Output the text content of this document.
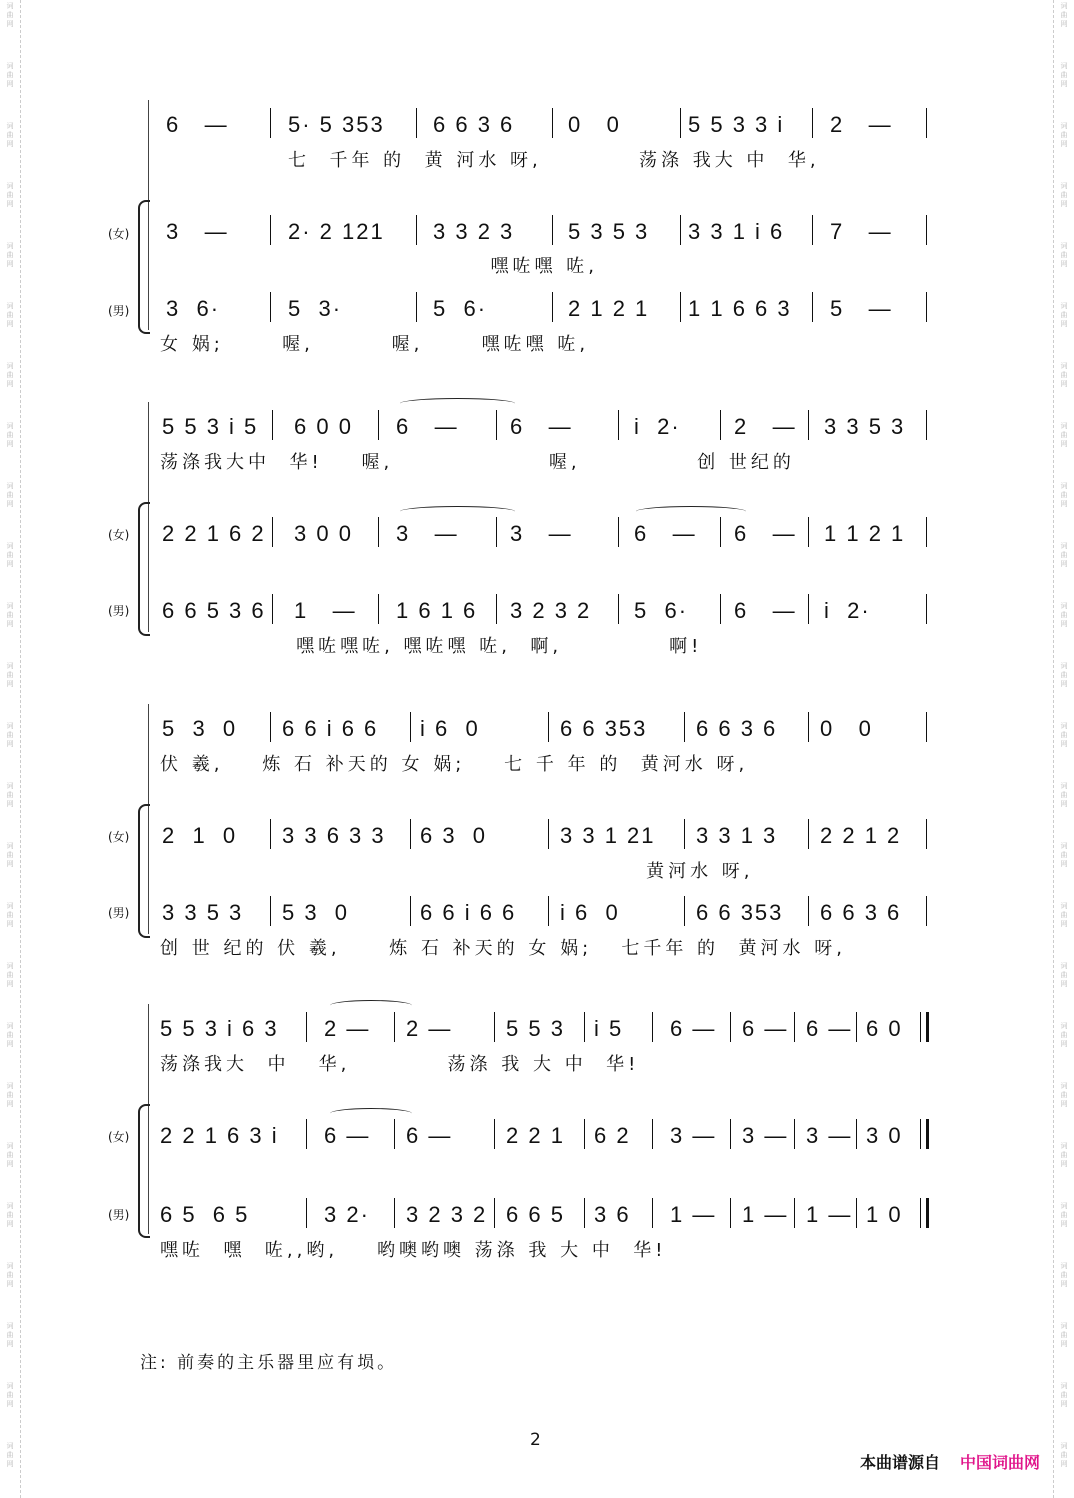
(女)
(男)
6   —	5· 5 353 6 6 3 6 0   0	5 5 3 3 i 2   —
七  千年 的  黄 河水 呀,          荡涤 我大 中  华,
3   —	2· 2 121 3 3 2 3 5 3 5 3 3 3 1 i 6 7   —
嘿咗嘿 咗,
3  6·	5  3·	5  6·	2 1 2 1 1 1 6 6 3 5   —
女 娲;      喔,        喔,      嘿咗嘿 咗,
(女)
(男)
5 5 3 i 5 6 0 0 6   — 6   —	i  2· 2   — 3 3 5 3
荡涤我大中  华!    喔,                喔,            创 世纪的
2 2 1 6 2 3 0 0 3   — 3   —	6   — 6   — 1 1 2 1
6 6 5 3 6 1   — 1 6 1 6 3 2 3 2 5  6· 6   — i  2·
嘿咗嘿咗, 嘿咗嘿 咗,  啊,           啊!
(女)
(男)
5  3  0 6 6 i 6 6 i 6  0	6 6 353 6 6 3 6 0   0
伏 羲,    炼 石 补天的 女 娲;    七 千 年 的  黄河水 呀,
2  1  0 3 3 6 3 3 6 3  0	3 3 1 21 3 3 1 3 2 2 1 2
黄河水 呀,
3 3 5 3 5 3  0	6 6 i 6 6 i 6  0	6 6 353 6 6 3 6
创 世 纪的 伏 羲,     炼 石 补天的 女 娲;   七千年 的  黄河水 呀,
(女)
(男)
5 5 3 i 6 3 2 — 2 — 5 5 3 i 5 6 — 6 — 6 — 6 0
荡涤我大  中   华,          荡涤 我 大 中  华!
2 2 1 6 3 i 6 — 6 — 2 2 1 6 2 3 — 3 — 3 — 3 0
6 5  6 5	3 2· 3 2 3 2 6 6 5 3 6 1 — 1 — 1 — 1 0
嘿咗  嘿  咗,,哟,    哟噢哟噢 荡涤 我 大 中  华!
注: 前奏的主乐器里应有埙。
2
本曲谱源自 中国词曲网
词
曲
网
词
曲
网
词
曲
网
词
曲
网
词
曲
网
词
曲
网
词
曲
网
词
曲
网
词
曲
网
词
曲
网
词
曲
网
词
曲
网
词
曲
网
词
曲
网
词
曲
网
词
曲
网
词
曲
网
词
曲
网
词
曲
网
词
曲
网
词
曲
网
词
曲
网
词
曲
网
词
曲
网
词
曲
网
词
曲
网
词
曲
网
词
曲
网
词
曲
网
词
曲
网
词
曲
网
词
曲
网
词
曲
网
词
曲
网
词
曲
网
词
曲
网
词
曲
网
词
曲
网
词
曲
网
词
曲
网
词
曲
网
词
曲
网
词
曲
网
词
曲
网
词
曲
网
词
曲
网
词
曲
网
词
曲
网
词
曲
网
词
曲
网
